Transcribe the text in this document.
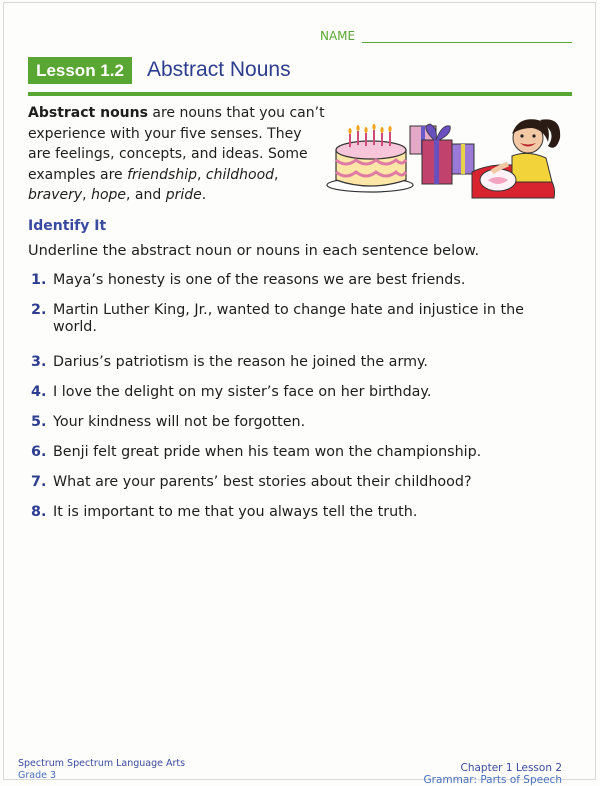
NAME
Lesson 1.2	Abstract Nouns
Abstract nouns are nouns that you can’t experience with your five senses. They are feelings, concepts, and ideas. Some examples are friendship, childhood, bravery, hope, and pride.
Identify It
Underline the abstract noun or nouns in each sentence below.
1. Maya’s honesty is one of the reasons we are best friends.
2. Martin Luther King, Jr., wanted to change hate and injustice in the world.
3. Darius’s patriotism is the reason he joined the army.
4. I love the delight on my sister’s face on her birthday.
5. Your kindness will not be forgotten.
6. Benji felt great pride when his team won the championship.
7. What are your parents’ best stories about their childhood?
8. It is important to me that you always tell the truth.
Spectrum Spectrum Language Arts
Grade 3
Chapter 1 Lesson 2
Grammar: Parts of Speech
